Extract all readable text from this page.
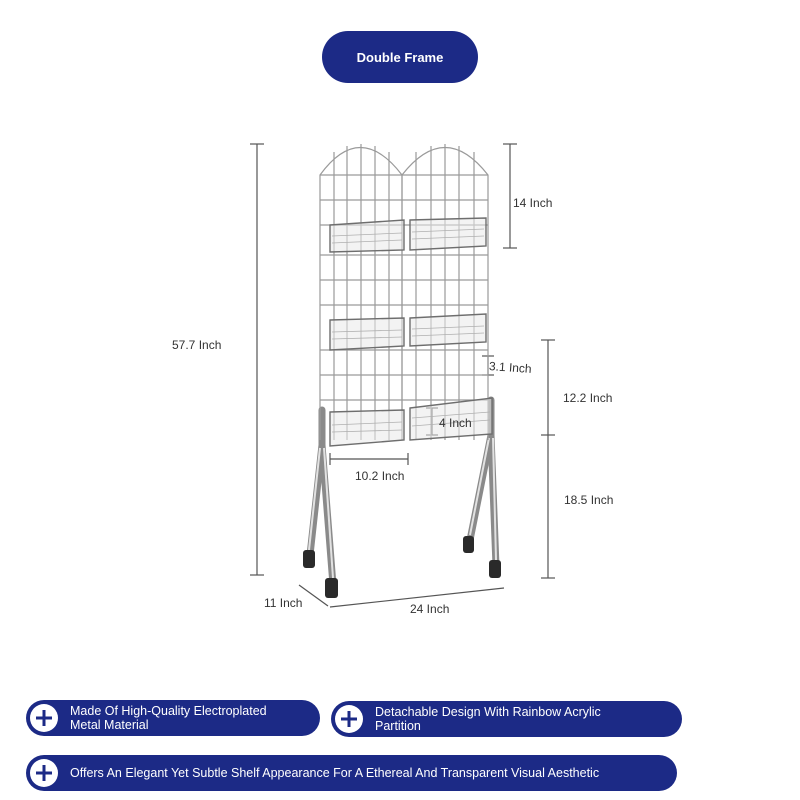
Double Frame
57.7 Inch
14 Inch
3.1 Inch
12.2 Inch
4 Inch
10.2 Inch
18.5 Inch
11 Inch	24 Inch
Made Of High-Quality Electroplated Metal Material
Detachable Design With Rainbow Acrylic Partition
Offers An Elegant Yet Subtle Shelf Appearance For A Ethereal And Transparent Visual Aesthetic
